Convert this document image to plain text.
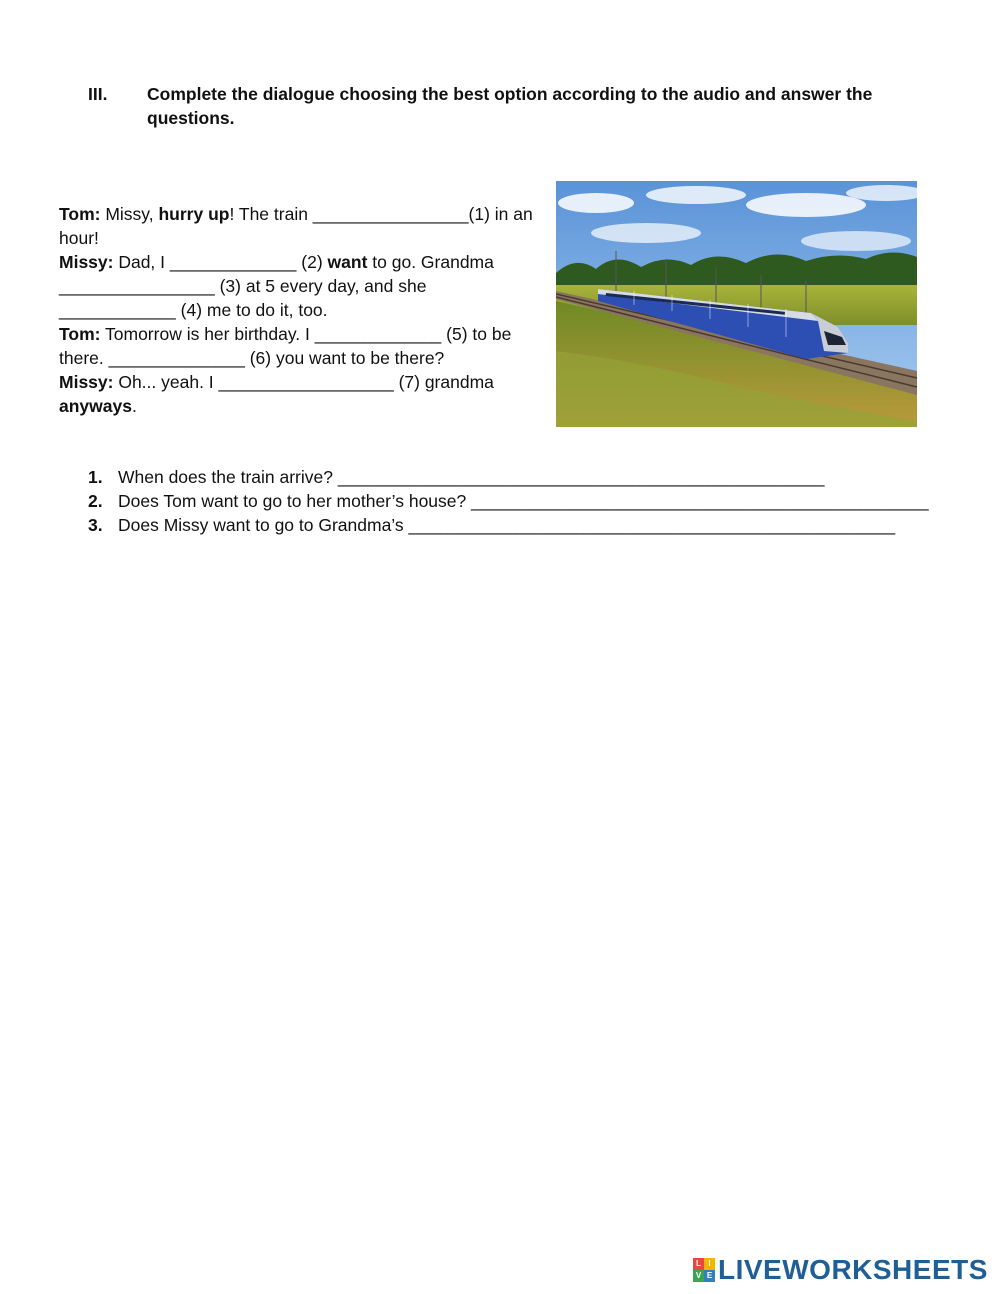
III. Complete the dialogue choosing the best option according to the audio and answer the questions.

Tom: Missy, hurry up! The train ________________(1) in an hour!

Missy: Dad, I _____________ (2) want to go. Grandma ________________ (3) at 5 every day, and she ____________ (4) me to do it, too.

Tom: Tomorrow is her birthday. I _____________ (5) to be there. ______________ (6) you want to be there?

Missy: Oh... yeah. I __________________ (7) grandma anyways.

1. When does the train arrive? __________________________________________________
2. Does Tom want to go to her mother’s house? _______________________________________________
3. Does Missy want to go to Grandma’s __________________________________________________
L I
V E LIVEWORKSHEETS
